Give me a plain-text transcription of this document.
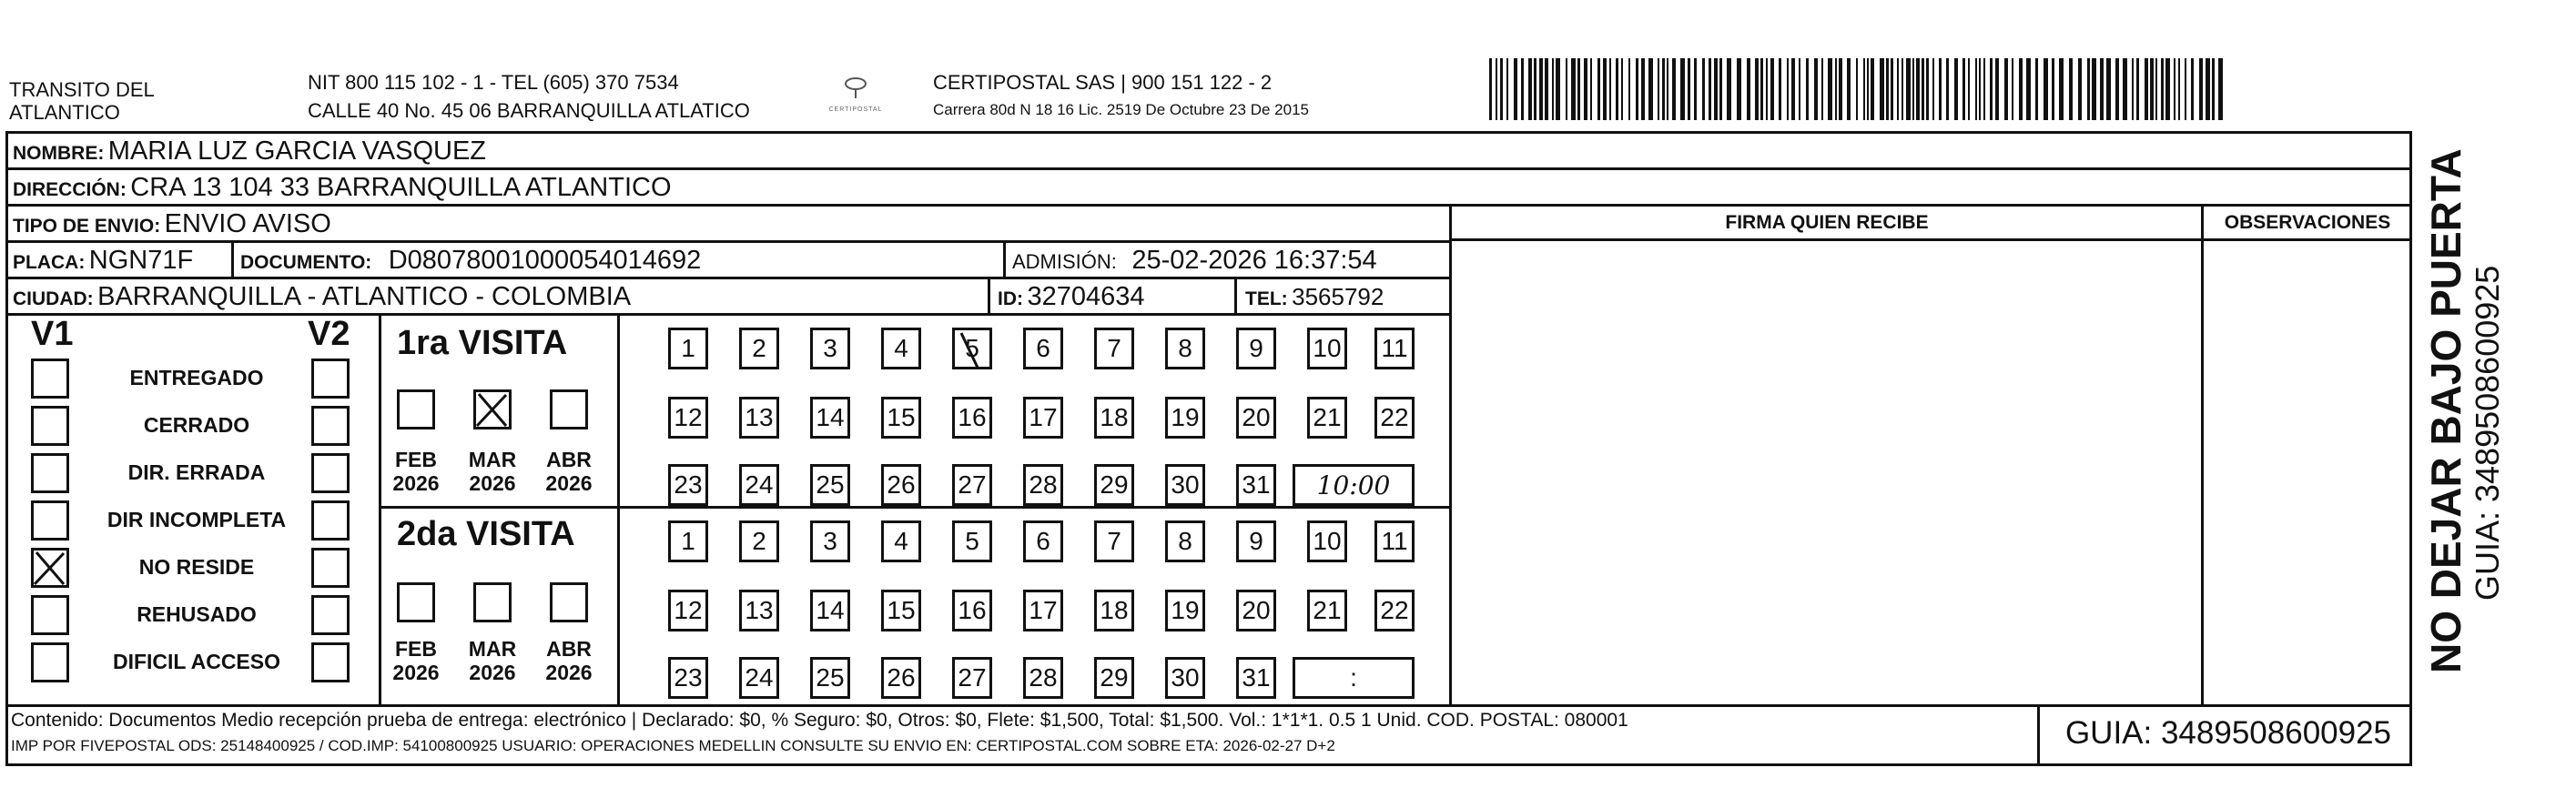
TRANSITO DEL
ATLANTICO
NIT 800 115 102 - 1 - TEL (605) 370 7534
CALLE 40 No. 45 06 BARRANQUILLA ATLATICO	CERTIPOSTAL
CERTIPOSTAL SAS | 900 151 122 - 2
Carrera 80d N 18 16 Lic. 2519 De Octubre 23 De 2015
NOMBRE: MARIA LUZ GARCIA VASQUEZ
DIRECCIÓN: CRA 13 104 33 BARRANQUILLA ATLANTICO
TIPO DE ENVIO: ENVIO AVISO	FIRMA QUIEN RECIBE	OBSERVACIONES
PLACA: NGN71F DOCUMENTO: D08078001000054014692	ADMISIÓN: 25-02-2026 16:37:54
CIUDAD: BARRANQUILLA - ATLANTICO - COLOMBIA	ID: 32704634	TEL: 3565792
V1	V2
ENTREGADO
CERRADO
DIR. ERRADA
DIR INCOMPLETA
NO RESIDE
REHUSADO
DIFICIL ACCESO
1ra VISITA
2da VISITA
FEB
2026
MAR
2026
ABR
2026
FEB
2026
MAR
2026
ABR
2026
1	2	3	4	5	6	7	8	9	10 11
12 13 14 15 16 17 18 19 20 21 22
23 24 25 26 27 28 29 30 31 10:00
1	2	3	4	5	6	7	8	9	10 11
12 13 14 15 16 17 18 19 20 21 22
23 24 25 26 27 28 29 30 31	:
Contenido: Documentos Medio recepción prueba de entrega: electrónico | Declarado: $0, % Seguro: $0, Otros: $0, Flete: $1,500, Total: $1,500. Vol.: 1*1*1. 0.5 1 Unid. COD. POSTAL: 080001
IMP POR FIVEPOSTAL ODS: 25148400925 / COD.IMP: 54100800925 USUARIO: OPERACIONES MEDELLIN CONSULTE SU ENVIO EN: CERTIPOSTAL.COM SOBRE ETA: 2026-02-27 D+2	GUIA: 3489508600925
NO DEJAR BAJO PUERTA GUIA: 3489508600925
